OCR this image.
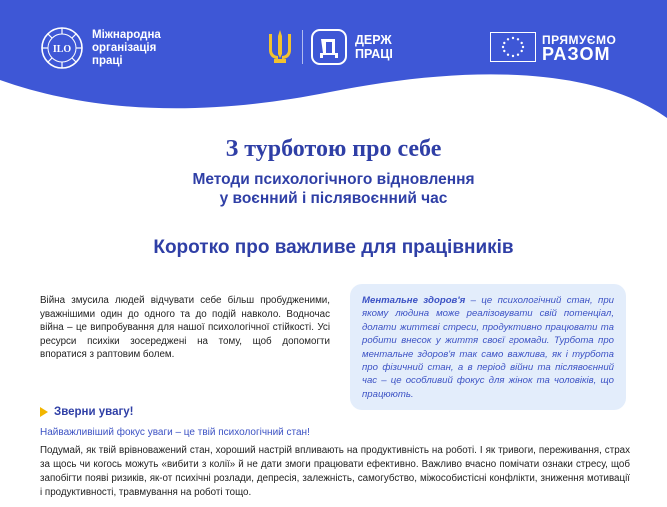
ILO
Міжнародна організація праці
ДЕРЖ
ПРАЦІ
ПРЯМУЄМО
РАЗОМ
З турботою про себе
Методи психологічного відновлення
у воєнний і післявоєнний час
Коротко про важливе для працівників

Війна змусила людей відчувати себе більш пробудженими, уважнішими один до одного та до подій навколо. Водночас війна – це випробування для нашої психологічної стійкості. Усі ресурси психіки зосереджені на тому, щоб допомогти впоратися з раптовим болем.

Ментальне здоров'я – це психологічний стан, при якому людина може реалізовувати свій потенціал, долати життєві стреси, продуктивно працювати та робити внесок у життя своєї громади. Турбота про ментальне здоров'я так само важлива, як і турбота про фізичний стан, а в період війни та післявоєнний час – це особливий фокус для жінок та чоловіків, що працюють.

Зверни увагу!
Найважливіший фокус уваги – це твій психологічний стан!

Подумай, як твій врівноважений стан, хороший настрій впливають на продуктивність на роботі. І як тривоги, переживання, страх за щось чи когось можуть «вибити з колії» й не дати змоги працювати ефективно. Важливо вчасно помічати ознаки стресу, щоб запобігти появі ризиків, як-от психічні розлади, депресія, залежність, самогубство, міжособистісні конфлікти, зниження мотивації і продуктивності, травмування на роботі тощо.
